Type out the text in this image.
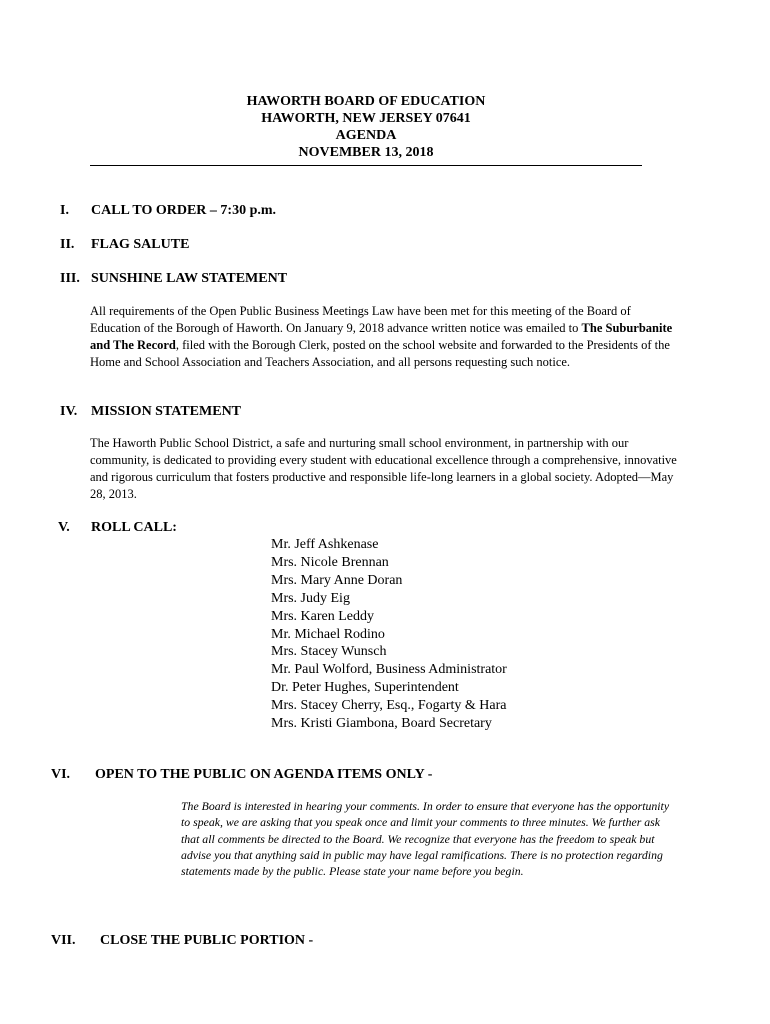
HAWORTH BOARD OF EDUCATION
HAWORTH, NEW JERSEY 07641
AGENDA
NOVEMBER 13, 2018
I. CALL TO ORDER – 7:30 p.m.
II. FLAG SALUTE
III. SUNSHINE LAW STATEMENT
All requirements of the Open Public Business Meetings Law have been met for this meeting of the Board of Education of the Borough of Haworth. On January 9, 2018 advance written notice was emailed to The Suburbanite and The Record, filed with the Borough Clerk, posted on the school website and forwarded to the Presidents of the Home and School Association and Teachers Association, and all persons requesting such notice.
IV. MISSION STATEMENT
The Haworth Public School District, a safe and nurturing small school environment, in partnership with our community, is dedicated to providing every student with educational excellence through a comprehensive, innovative and rigorous curriculum that fosters productive and responsible life-long learners in a global society. Adopted—May 28, 2013.
V. ROLL CALL:
Mr. Jeff Ashkenase
Mrs. Nicole Brennan
Mrs. Mary Anne Doran
Mrs. Judy Eig
Mrs. Karen Leddy
Mr. Michael Rodino
Mrs. Stacey Wunsch
Mr. Paul Wolford, Business Administrator
Dr. Peter Hughes, Superintendent
Mrs. Stacey Cherry, Esq., Fogarty & Hara
Mrs. Kristi Giambona, Board Secretary
VI. OPEN TO THE PUBLIC ON AGENDA ITEMS ONLY -
The Board is interested in hearing your comments. In order to ensure that everyone has the opportunity to speak, we are asking that you speak once and limit your comments to three minutes. We further ask that all comments be directed to the Board. We recognize that everyone has the freedom to speak but advise you that anything said in public may have legal ramifications. There is no protection regarding statements made by the public. Please state your name before you begin.
VII. CLOSE THE PUBLIC PORTION -
